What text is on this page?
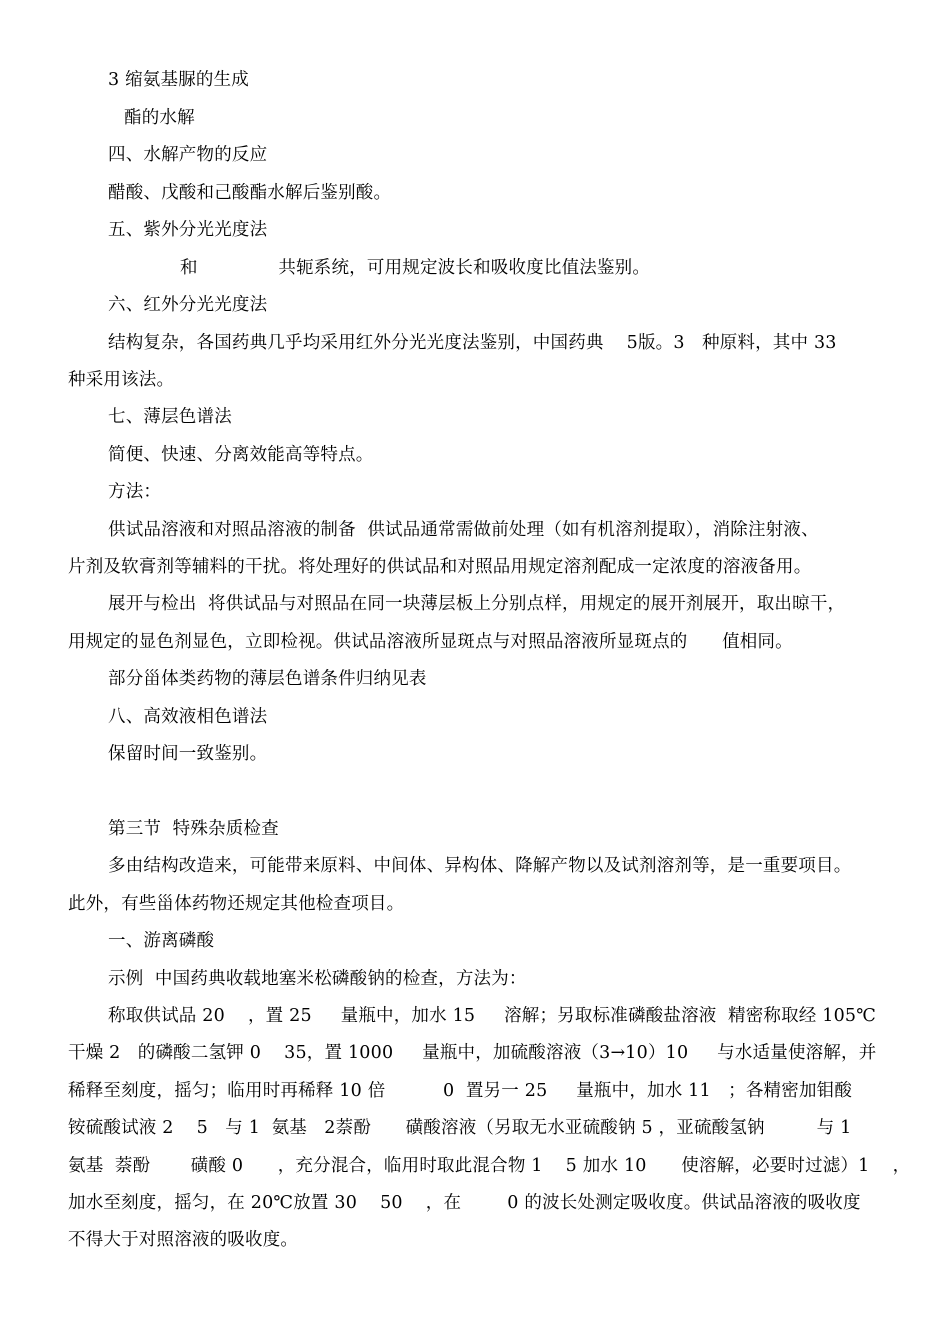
3 缩氨基脲的生成
酯的水解
四、水解产物的反应
醋酸、戊酸和己酸酯水解后鉴别酸。
五、紫外分光光度法
和              共轭系统，可用规定波长和吸收度比值法鉴别。
六、红外分光光度法
结构复杂，各国药典几乎均采用红外分光光度法鉴别，中国药典    5版。3   种原料，其中 33
种采用该法。
七、薄层色谱法
简便、快速、分离效能高等特点。
方法：
供试品溶液和对照品溶液的制备  供试品通常需做前处理（如有机溶剂提取），消除注射液、
片剂及软膏剂等辅料的干扰。将处理好的供试品和对照品用规定溶剂配成一定浓度的溶液备用。
展开与检出  将供试品与对照品在同一块薄层板上分别点样，用规定的展开剂展开，取出晾干，
用规定的显色剂显色，立即检视。供试品溶液所显斑点与对照品溶液所显斑点的      值相同。
部分甾体类药物的薄层色谱条件归纳见表
八、高效液相色谱法
保留时间一致鉴别。
第三节  特殊杂质检查
多由结构改造来，可能带来原料、中间体、异构体、降解产物以及试剂溶剂等，是一重要项目。
此外，有些甾体药物还规定其他检查项目。
一、游离磷酸
示例  中国药典收载地塞米松磷酸钠的检查，方法为：
称取供试品 20    ，置 25     量瓶中，加水 15     溶解；另取标准磷酸盐溶液  精密称取经 105℃
干燥 2   的磷酸二氢钾 0    35，置 1000     量瓶中，加硫酸溶液（3→10）10     与水适量使溶解，并
稀释至刻度，摇匀；临用时再稀释 10 倍          0  置另一 25     量瓶中，加水 11   ；各精密加钼酸
铵硫酸试液 2    5   与 1  氨基   2萘酚      磺酸溶液（另取无水亚硫酸钠 5 ，亚硫酸氢钠         与 1
氨基  萘酚       磺酸 0      ，充分混合，临用时取此混合物 1    5 加水 10      使溶解，必要时过滤）1    ，
加水至刻度，摇匀，在 20℃放置 30    50    ，在        0 的波长处测定吸收度。供试品溶液的吸收度
不得大于对照溶液的吸收度。
